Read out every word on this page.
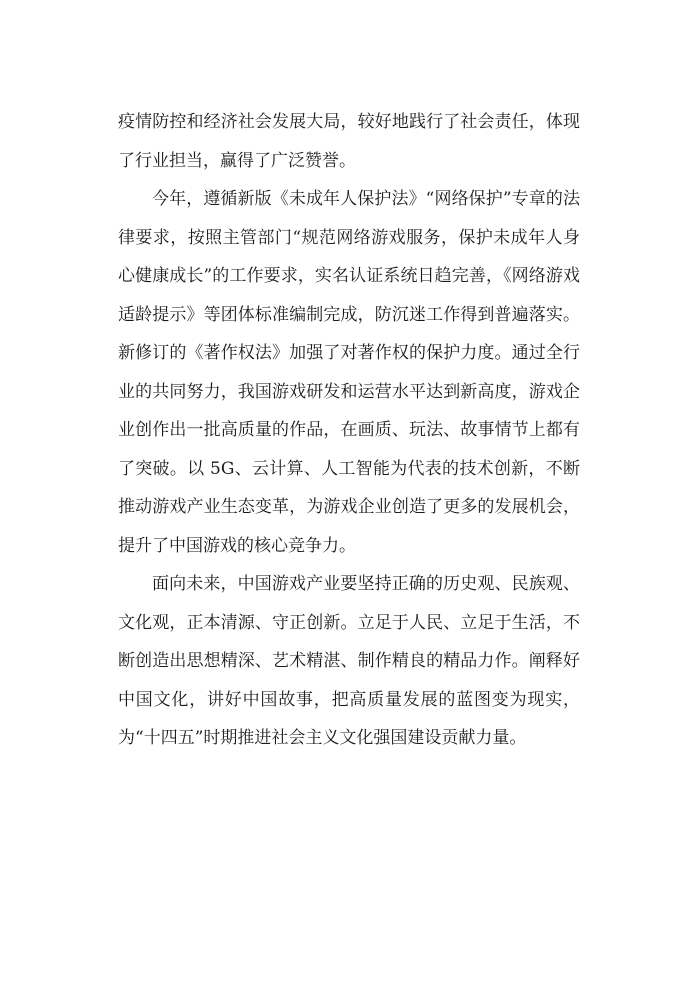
疫情防控和经济社会发展大局，较好地践行了社会责任，体现了行业担当，赢得了广泛赞誉。

今年，遵循新版《未成年人保护法》“网络保护”专章的法律要求，按照主管部门“规范网络游戏服务，保护未成年人身心健康成长”的工作要求，实名认证系统日趋完善，《网络游戏适龄提示》等团体标准编制完成，防沉迷工作得到普遍落实。新修订的《著作权法》加强了对著作权的保护力度。通过全行业的共同努力，我国游戏研发和运营水平达到新高度，游戏企业创作出一批高质量的作品，在画质、玩法、故事情节上都有了突破。以 5G、云计算、人工智能为代表的技术创新，不断推动游戏产业生态变革，为游戏企业创造了更多的发展机会，提升了中国游戏的核心竞争力。

面向未来，中国游戏产业要坚持正确的历史观、民族观、文化观，正本清源、守正创新。立足于人民、立足于生活，不断创造出思想精深、艺术精湛、制作精良的精品力作。阐释好中国文化，讲好中国故事，把高质量发展的蓝图变为现实，为“十四五”时期推进社会主义文化强国建设贡献力量。
